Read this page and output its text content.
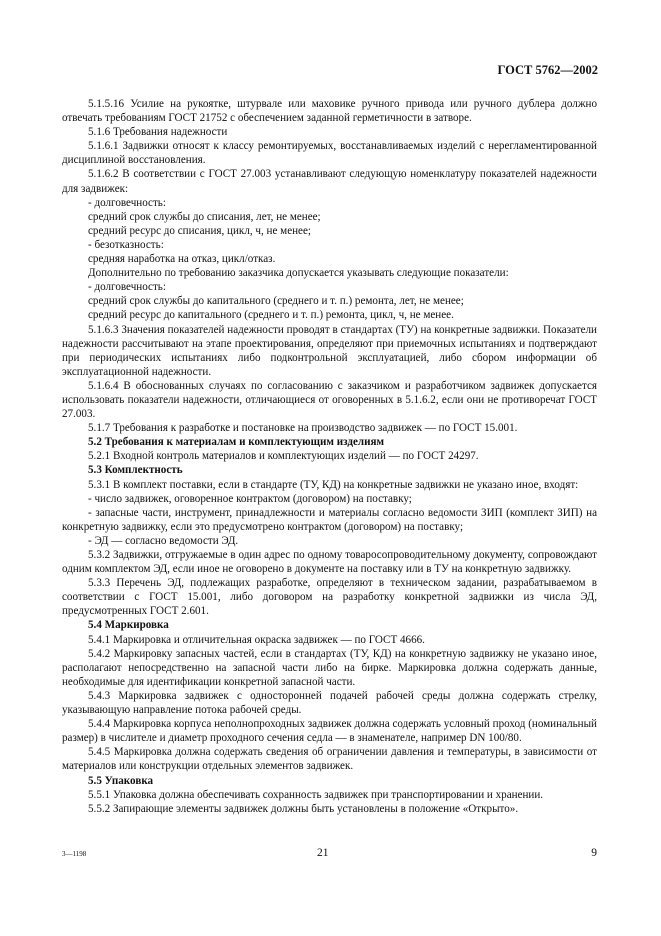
ГОСТ 5762—2002

5.1.5.16 Усилие на рукоятке, штурвале или маховике ручного привода или ручного дублера должно отвечать требованиям ГОСТ 21752 с обеспечением заданной герметичности в затворе.

5.1.6 Требования надежности

5.1.6.1 Задвижки относят к классу ремонтируемых, восстанавливаемых изделий с нерегламентированной дисциплиной восстановления.

5.1.6.2 В соответствии с ГОСТ 27.003 устанавливают следующую номенклатуру показателей надежности для задвижек:

- долговечность:

средний срок службы до списания, лет, не менее;

средний ресурс до списания, цикл, ч, не менее;

- безотказность:

средняя наработка на отказ, цикл/отказ.

Дополнительно по требованию заказчика допускается указывать следующие показатели:

- долговечность:

средний срок службы до капитального (среднего и т. п.) ремонта, лет, не менее;

средний ресурс до капитального (среднего и т. п.) ремонта, цикл, ч, не менее.

5.1.6.3 Значения показателей надежности проводят в стандартах (ТУ) на конкретные задвижки. Показатели надежности рассчитывают на этапе проектирования, определяют при приемочных испытаниях и подтверждают при периодических испытаниях либо подконтрольной эксплуатацией, либо сбором информации об эксплуатационной надежности.

5.1.6.4 В обоснованных случаях по согласованию с заказчиком и разработчиком задвижек допускается использовать показатели надежности, отличающиеся от оговоренных в 5.1.6.2, если они не противоречат ГОСТ 27.003.

5.1.7 Требования к разработке и постановке на производство задвижек — по ГОСТ 15.001.

5.2 Требования к материалам и комплектующим изделиям

5.2.1 Входной контроль материалов и комплектующих изделий — по ГОСТ 24297.

5.3 Комплектность

5.3.1 В комплект поставки, если в стандарте (ТУ, КД) на конкретные задвижки не указано иное, входят:

- число задвижек, оговоренное контрактом (договором) на поставку;

- запасные части, инструмент, принадлежности и материалы согласно ведомости ЗИП (комплект ЗИП) на конкретную задвижку, если это предусмотрено контрактом (договором) на поставку;

- ЭД — согласно ведомости ЭД.

5.3.2 Задвижки, отгружаемые в один адрес по одному товаросопроводительному документу, сопровождают одним комплектом ЭД, если иное не оговорено в документе на поставку или в ТУ на конкретную задвижку.

5.3.3 Перечень ЭД, подлежащих разработке, определяют в техническом задании, разрабатываемом в соответствии с ГОСТ 15.001, либо договором на разработку конкретной задвижки из числа ЭД, предусмотренных ГОСТ 2.601.

5.4 Маркировка

5.4.1 Маркировка и отличительная окраска задвижек — по ГОСТ 4666.

5.4.2 Маркировку запасных частей, если в стандартах (ТУ, КД) на конкретную задвижку не указано иное, располагают непосредственно на запасной части либо на бирке. Маркировка должна содержать данные, необходимые для идентификации конкретной запасной части.

5.4.3 Маркировка задвижек с односторонней подачей рабочей среды должна содержать стрелку, указывающую направление потока рабочей среды.

5.4.4 Маркировка корпуса неполнопроходных задвижек должна содержать условный проход (номинальный размер) в числителе и диаметр проходного сечения седла — в знаменателе, например DN 100/80.

5.4.5 Маркировка должна содержать сведения об ограничении давления и температуры, в зависимости от материалов или конструкции отдельных элементов задвижек.

5.5 Упаковка

5.5.1 Упаковка должна обеспечивать сохранность задвижек при транспортировании и хранении.

5.5.2 Запирающие элементы задвижек должны быть установлены в положение «Открыто».

3—1198	21	9
